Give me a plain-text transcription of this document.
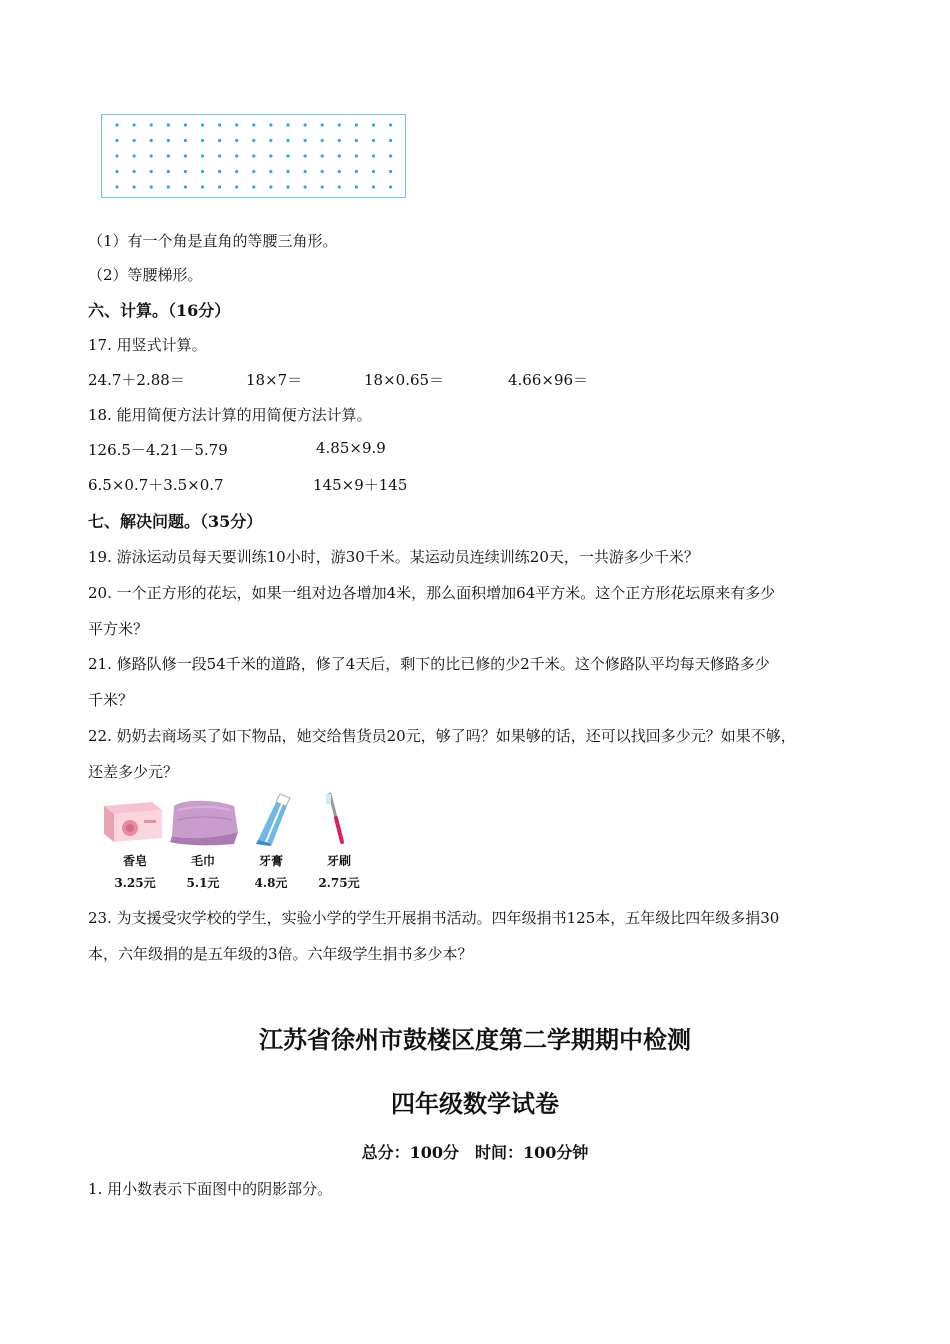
（1）有一个角是直角的等腰三角形。
（2）等腰梯形。
六、计算。（16分）
17. 用竖式计算。
24.7＋2.88＝	18×7＝	18×0.65＝	4.66×96＝
18. 能用简便方法计算的用简便方法计算。
126.5－4.21－5.79	4.85×9.9
6.5×0.7＋3.5×0.7	145×9＋145
七、解决问题。（35分）
19. 游泳运动员每天要训练10小时，游30千米。某运动员连续训练20天，一共游多少千米？
20. 一个正方形的花坛，如果一组对边各增加4米，那么面积增加64平方米。这个正方形花坛原来有多少
平方米？
21. 修路队修一段54千米的道路，修了4天后，剩下的比已修的少2千米。这个修路队平均每天修路多少
千米？
22. 奶奶去商场买了如下物品，她交给售货员20元，够了吗？如果够的话，还可以找回多少元？如果不够，
还差多少元？
香皂
3.25元
毛巾
5.1元
牙膏
4.8元
牙刷
2.75元
23. 为支援受灾学校的学生，实验小学的学生开展捐书活动。四年级捐书125本，五年级比四年级多捐30
本，六年级捐的是五年级的3倍。六年级学生捐书多少本？
江苏省徐州市鼓楼区度第二学期期中检测
四年级数学试卷
总分：100分　时间：100分钟
1. 用小数表示下面图中的阴影部分。
